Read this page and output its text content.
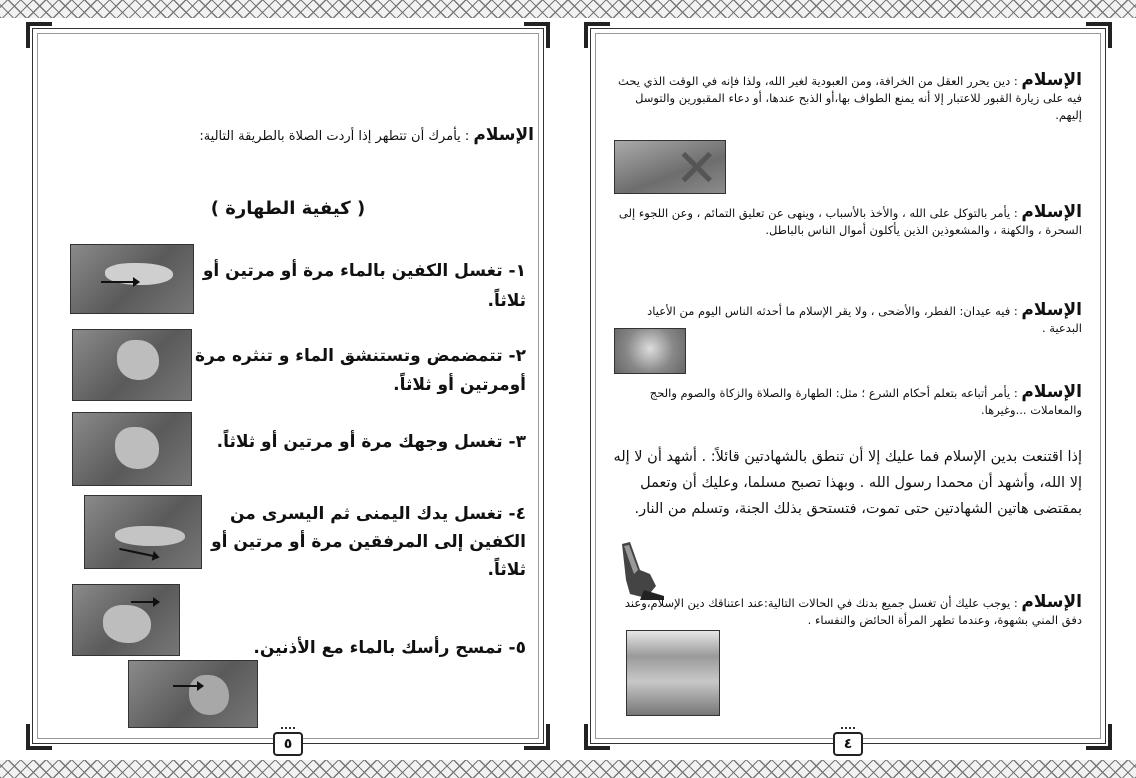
الإسلام : يأمرك أن تتطهر إذا أردت الصلاة بالطريقة التالية:
( كيفية الطهارة )
١- تغسل الكفين بالماء مرة أو مرتين أو ثلاثاً.
٢- تتمضمض وتستنشق الماء و تنثره مرة أومرتين أو ثلاثاً.
٣- تغسل وجهك مرة أو مرتين أو ثلاثاً.
٤- تغسل يدك اليمنى ثم اليسرى من الكفين إلى المرفقين مرة أو مرتين أو ثلاثاً.
٥- تمسح رأسك بالماء مع الأذنين.
٥
الإسلام : دين يحرر العقل من الخرافة، ومن العبودية لغير الله، ولذا فإنه في الوقت الذي يحث فيه على زيارة القبور للاعتبار إلا أنه يمنع الطواف بها،أو الذبح عندها، أو دعاء المقبورين والتوسل إليهم.
✕
الإسلام : يأمر بالتوكل على الله ، والأخذ بالأسباب ، وينهى عن تعليق التمائم ، وعن اللجوء إلى السحرة ، والكهنة ، والمشعوذين الذين يأكلون أموال الناس بالباطل.
الإسلام : فيه عيدان: الفطر، والأضحى ، ولا يقر الإسلام ما أحدثه الناس اليوم من الأعياد البدعية .
الإسلام : يأمر أتباعه بتعلم أحكام الشرع ؛ مثل: الطهارة والصلاة والزكاة والصوم والحج والمعاملات ...وغيرها.
إذا اقتنعت بدين الإسلام فما عليك إلا أن تنطق بالشهادتين قائلاً: . أشهد أن لا إله إلا الله، وأشهد أن محمدا رسول الله . وبهذا تصبح مسلما، وعليك أن وتعمل بمقتضى هاتين الشهادتين حتى تموت، فتستحق بذلك الجنة، وتسلم من النار.
الإسلام : يوجب عليك أن تغسل جميع بدنك في الحالات التالية:عند اعتناقك دين الإسلام،وعند دفق المني بشهوة، وعندما تطهر المرأة الحائض والنفساء .
٤
